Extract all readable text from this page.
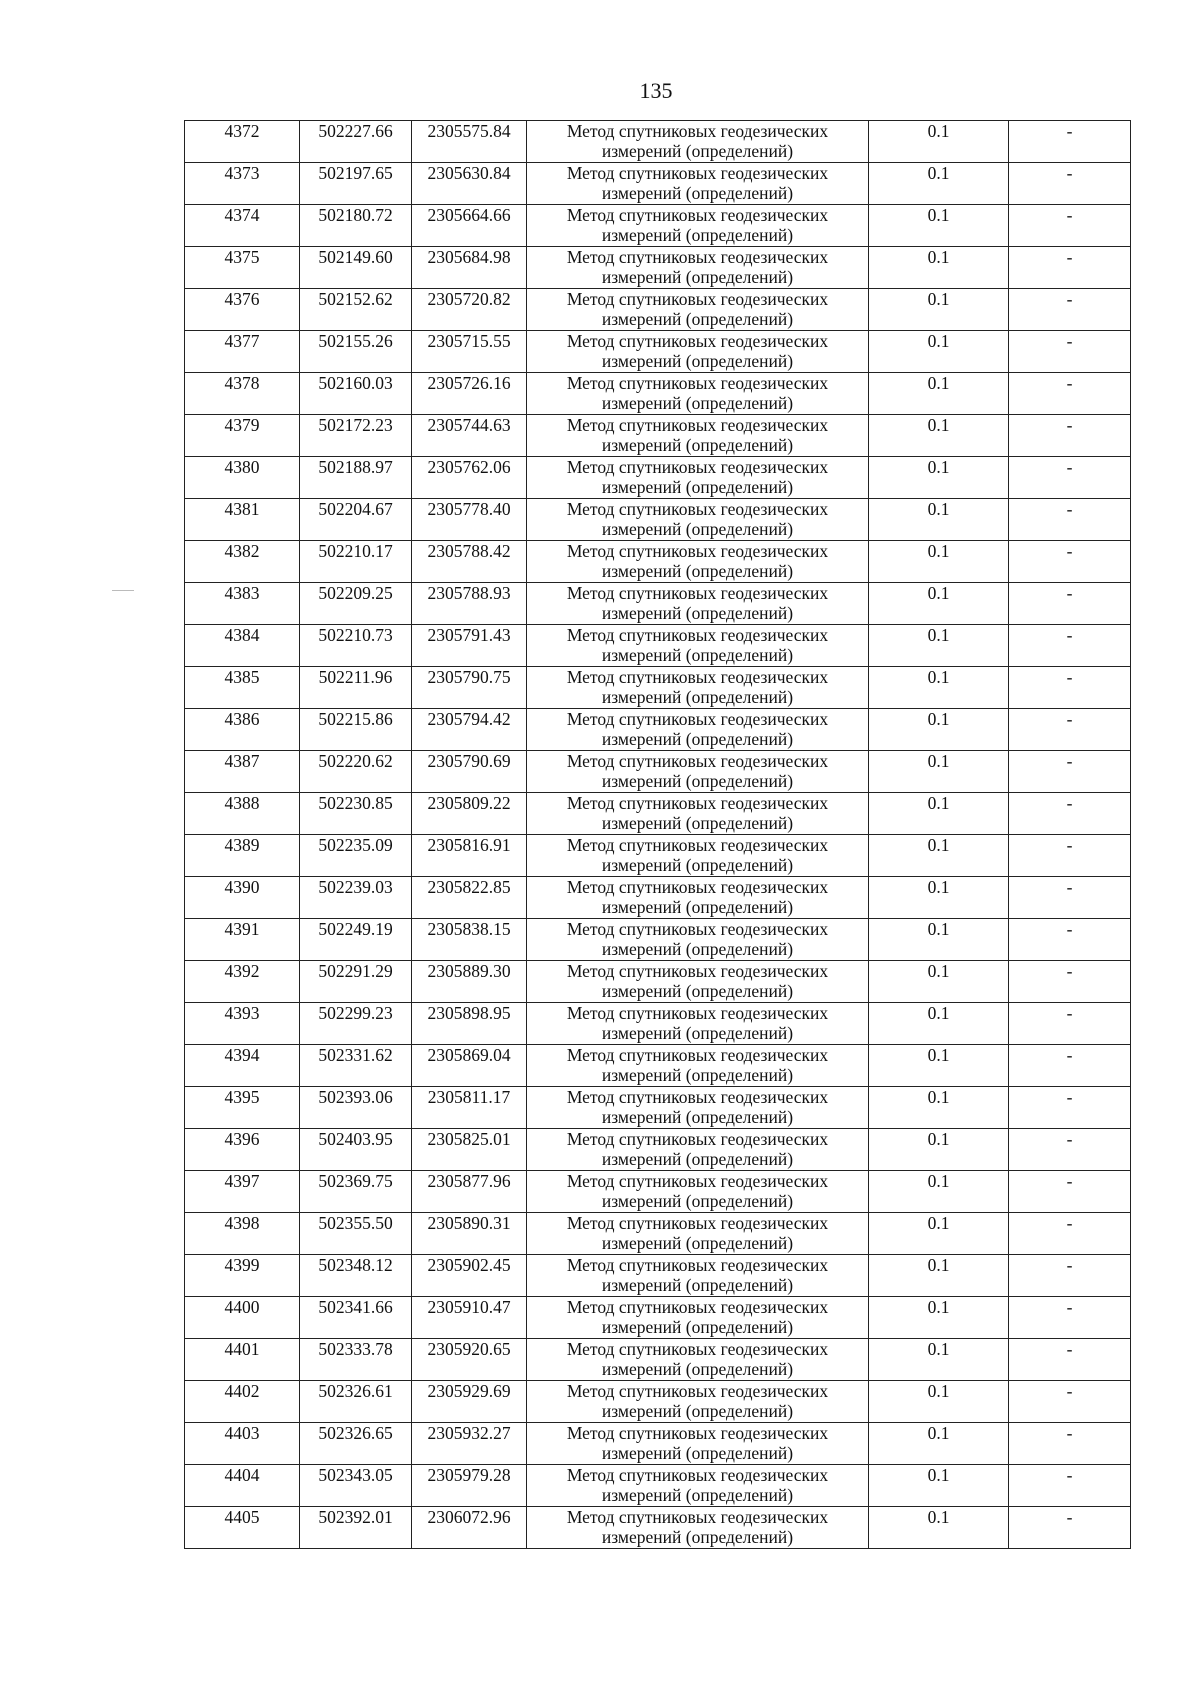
135
4372	502227.66	2305575.84	Метод спутниковых геодезических измерений (определений)	0.1	-
4373	502197.65	2305630.84	Метод спутниковых геодезических измерений (определений)	0.1	-
4374	502180.72	2305664.66	Метод спутниковых геодезических измерений (определений)	0.1	-
4375	502149.60	2305684.98	Метод спутниковых геодезических измерений (определений)	0.1	-
4376	502152.62	2305720.82	Метод спутниковых геодезических измерений (определений)	0.1	-
4377	502155.26	2305715.55	Метод спутниковых геодезических измерений (определений)	0.1	-
4378	502160.03	2305726.16	Метод спутниковых геодезических измерений (определений)	0.1	-
4379	502172.23	2305744.63	Метод спутниковых геодезических измерений (определений)	0.1	-
4380	502188.97	2305762.06	Метод спутниковых геодезических измерений (определений)	0.1	-
4381	502204.67	2305778.40	Метод спутниковых геодезических измерений (определений)	0.1	-
4382	502210.17	2305788.42	Метод спутниковых геодезических измерений (определений)	0.1	-
4383	502209.25	2305788.93	Метод спутниковых геодезических измерений (определений)	0.1	-
4384	502210.73	2305791.43	Метод спутниковых геодезических измерений (определений)	0.1	-
4385	502211.96	2305790.75	Метод спутниковых геодезических измерений (определений)	0.1	-
4386	502215.86	2305794.42	Метод спутниковых геодезических измерений (определений)	0.1	-
4387	502220.62	2305790.69	Метод спутниковых геодезических измерений (определений)	0.1	-
4388	502230.85	2305809.22	Метод спутниковых геодезических измерений (определений)	0.1	-
4389	502235.09	2305816.91	Метод спутниковых геодезических измерений (определений)	0.1	-
4390	502239.03	2305822.85	Метод спутниковых геодезических измерений (определений)	0.1	-
4391	502249.19	2305838.15	Метод спутниковых геодезических измерений (определений)	0.1	-
4392	502291.29	2305889.30	Метод спутниковых геодезических измерений (определений)	0.1	-
4393	502299.23	2305898.95	Метод спутниковых геодезических измерений (определений)	0.1	-
4394	502331.62	2305869.04	Метод спутниковых геодезических измерений (определений)	0.1	-
4395	502393.06	2305811.17	Метод спутниковых геодезических измерений (определений)	0.1	-
4396	502403.95	2305825.01	Метод спутниковых геодезических измерений (определений)	0.1	-
4397	502369.75	2305877.96	Метод спутниковых геодезических измерений (определений)	0.1	-
4398	502355.50	2305890.31	Метод спутниковых геодезических измерений (определений)	0.1	-
4399	502348.12	2305902.45	Метод спутниковых геодезических измерений (определений)	0.1	-
4400	502341.66	2305910.47	Метод спутниковых геодезических измерений (определений)	0.1	-
4401	502333.78	2305920.65	Метод спутниковых геодезических измерений (определений)	0.1	-
4402	502326.61	2305929.69	Метод спутниковых геодезических измерений (определений)	0.1	-
4403	502326.65	2305932.27	Метод спутниковых геодезических измерений (определений)	0.1	-
4404	502343.05	2305979.28	Метод спутниковых геодезических измерений (определений)	0.1	-
4405	502392.01	2306072.96	Метод спутниковых геодезических измерений (определений)	0.1	-
